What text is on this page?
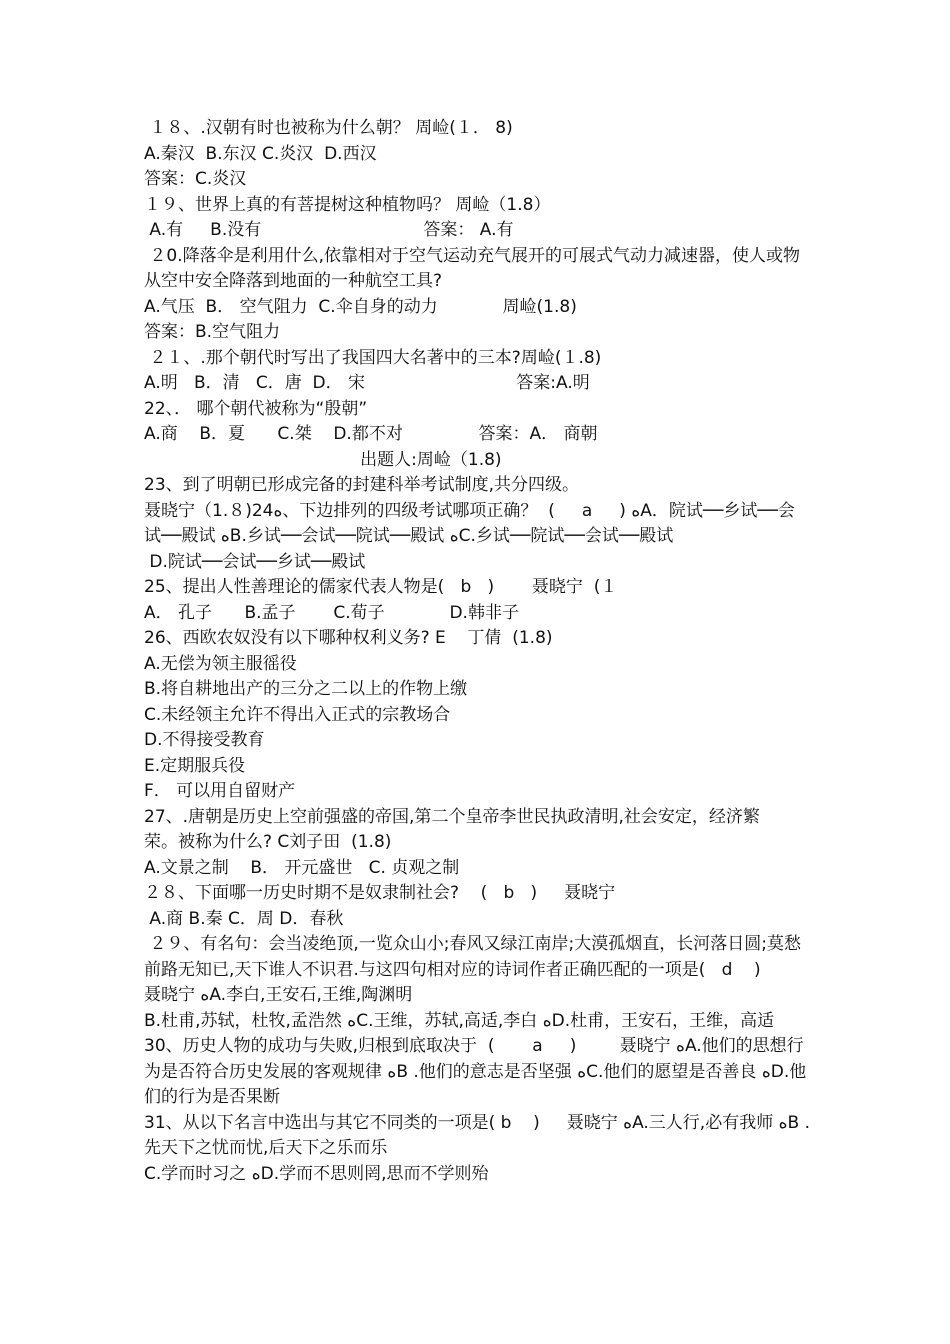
１８、.汉朝有时也被称为什么朝？ 周崄(１． 8)
A.秦汉  B.东汉 C.炎汉  D.西汉
答案：C.炎汉
１９、世界上真的有菩提树这种植物吗？ 周崄（1.8）
A.有     B.没有                              答案： A.有
２0.降落伞是利用什么,依靠相对于空气运动充气展开的可展式气动力减速器，使人或物从空中安全降落到地面的一种航空工具?
A.气压  B． 空气阻力  C.伞自身的动力            周崄(1.8)
答案：B.空气阻力
２１、.那个朝代时写出了我国四大名著中的三本?周崄(１.8)
A.明   B．清   C．唐  D． 宋                            答案:A.明
22、． 哪个朝代被称为“殷朝”
A.商    B．夏      C.桀    D.都不对              答案：A． 商朝
出题人:周崄（1.8)
23、到了明朝已形成完备的封建科举考试制度,共分四级。
聂晓宁（1.８)24ﻩ、下边排列的四级考试哪项正确？  (     a     ) ﻩA．院试──乡试──会试──殿试 ﻩB.乡试──会试──院试──殿试 ﻩC.乡试──院试──会试──殿试
D.院试──会试──乡试──殿试
25、提出人性善理论的儒家代表人物是(   b   )       聂晓宁  (１
A． 孔子      B.孟子       C.荀子            D.韩非子
26、西欧农奴没有以下哪种权利义务? E    丁倩  (1.8)
A.无偿为领主服徭役
B.将自耕地出产的三分之二以上的作物上缴
C.未经领主允许不得出入正式的宗教场合
D.不得接受教育
E.定期服兵役
F． 可以用自留财产
27、.唐朝是历史上空前强盛的帝国,第二个皇帝李世民执政清明,社会安定，经济繁    荣。被称为什么? C刘子田  (1.8)
A.文景之制    B． 开元盛世   C. 贞观之制
２８、下面哪一历史时期不是奴隶制社会?    (   b   )     聂晓宁
A.商 B.秦 C．周 D．春秋
２９、有名句：会当凌绝顶,一览众山小;春风又绿江南岸;大漠孤烟直，长河落日圆;莫愁前路无知已,天下谁人不识君.与这四句相对应的诗词作者正确匹配的一项是(   d    )      聂晓宁 ﻩA.李白,王安石,王维,陶渊明
B.杜甫,苏轼，杜牧,孟浩然 ﻩC.王维，苏轼,高适,李白 ﻩD.杜甫，王安石，王维，高适
30、历史人物的成功与失败,归根到底取决于  (       a     )        聂晓宁 ﻩA.他们的思想行为是否符合历史发展的客观规律 ﻩB .他们的意志是否坚强 ﻩC.他们的愿望是否善良 ﻩD.他们的行为是否果断
31、从以下名言中选出与其它不同类的一项是( b    )     聂晓宁 ﻩA.三人行,必有我师 ﻩB .先天下之忧而忧,后天下之乐而乐
C.学而时习之 ﻩD.学而不思则罔,思而不学则殆
